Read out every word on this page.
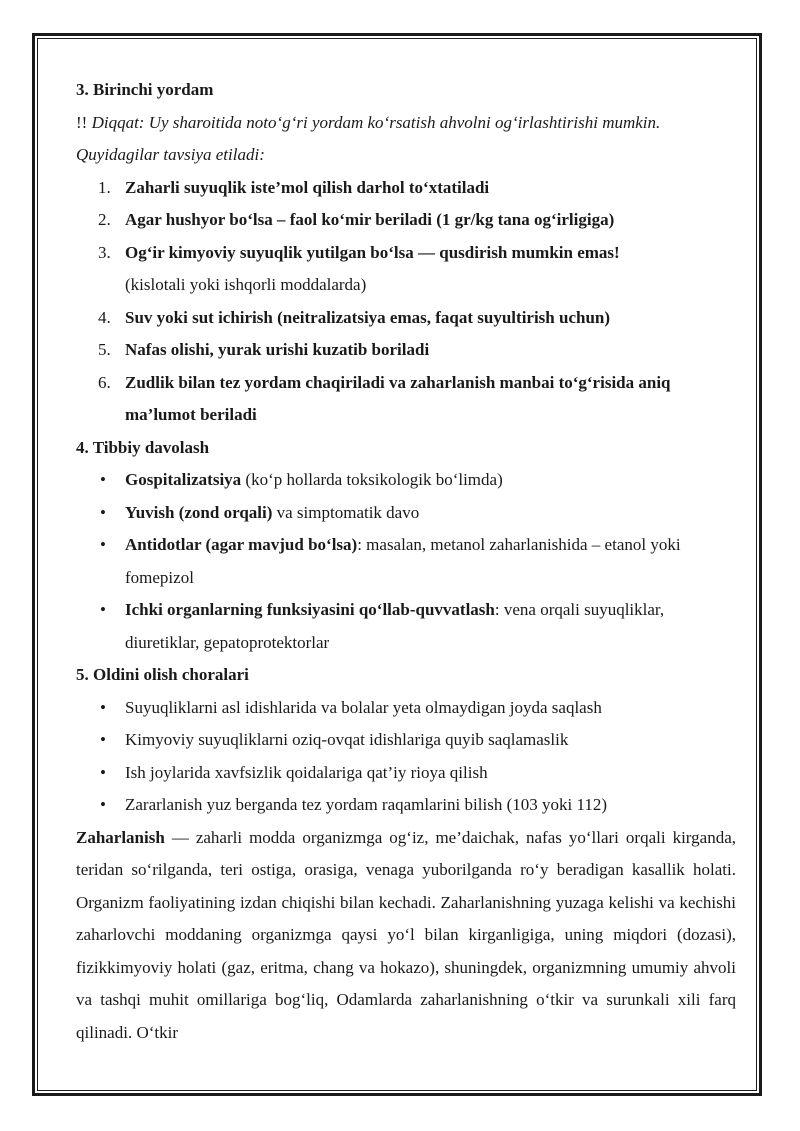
3. Birinchi yordam

!! Diqqat: Uy sharoitida noto‘g‘ri yordam ko‘rsatish ahvolni og‘irlashtirishi mumkin.

Quyidagilar tavsiya etiladi:

1. Zaharli suyuqlik iste’mol qilish darhol to‘xtatiladi
2. Agar hushyor bo‘lsa – faol ko‘mir beriladi (1 gr/kg tana og‘irligiga)
3. Og‘ir kimyoviy suyuqlik yutilgan bo‘lsa — qusdirish mumkin emas!
(kislotali yoki ishqorli moddalarda)
4. Suv yoki sut ichirish (neitralizatsiya emas, faqat suyultirish uchun)
5. Nafas olishi, yurak urishi kuzatib boriladi
6. Zudlik bilan tez yordam chaqiriladi va zaharlanish manbai to‘g‘risida aniq ma’lumot beriladi

4. Tibbiy davolash

• Gospitalizatsiya (ko‘p hollarda toksikologik bo‘limda)
• Yuvish (zond orqali) va simptomatik davo
• Antidotlar (agar mavjud bo‘lsa): masalan, metanol zaharlanishida – etanol yoki fomepizol
• Ichki organlarning funksiyasini qo‘llab-quvvatlash: vena orqali suyuqliklar, diuretiklar, gepatoprotektorlar

5. Oldini olish choralari

• Suyuqliklarni asl idishlarida va bolalar yeta olmaydigan joyda saqlash
• Kimyoviy suyuqliklarni oziq-ovqat idishlariga quyib saqlamaslik
• Ish joylarida xavfsizlik qoidalariga qat’iy rioya qilish
• Zararlanish yuz berganda tez yordam raqamlarini bilish (103 yoki 112)

Zaharlanish — zaharli modda organizmga og‘iz, me’daichak, nafas yo‘llari orqali kirganda, teridan so‘rilganda, teri ostiga, orasiga, venaga yuborilganda ro‘y beradigan kasallik holati. Organizm faoliyatining izdan chiqishi bilan kechadi. Zaharlanishning yuzaga kelishi va kechishi zaharlovchi moddaning organizmga qaysi yo‘l bilan kirganligiga, uning miqdori (dozasi), fizikkimyoviy holati (gaz, eritma, chang va hokazo), shuningdek, organizmning umumiy ahvoli va tashqi muhit omillariga bog‘liq, Odamlarda zaharlanishning o‘tkir va surunkali xili farq qilinadi. O‘tkir
